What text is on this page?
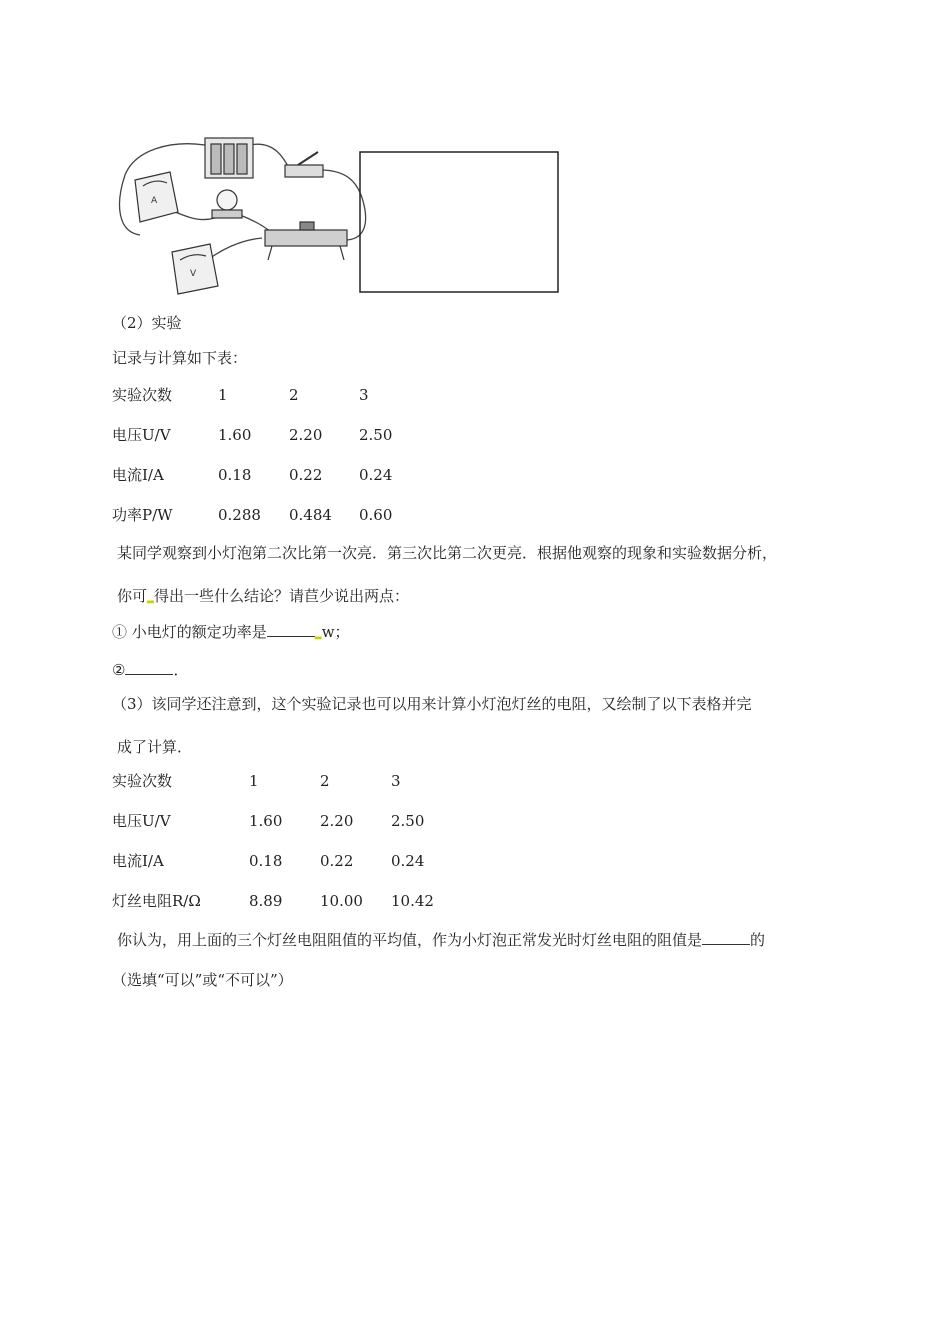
A
V
（2）实验
记录与计算如下表：
实验次数	1	2	3
电压U/V	1.60	2.20 2.50
电流I/A	0.18	0.22 0.24
功率P/W	0.288 0.484 0.60
某同学观察到小灯泡第二次比第一次亮．第三次比第二次更亮．根据他观察的现象和实验数据分析，
你可▂得出一些什么结论？请苣少说出两点：
① 小电灯的额定功率是	▂w；
②	．
（3）该同学还注意到，这个实验记录也可以用来计算小灯泡灯丝的电阻，又绘制了以下表格并完
成了计算．
实验次数	1	2	3
电压U/V	1.60	2.20	2.50
电流I/A	0.18	0.22	0.24
灯丝电阻R/Ω	8.89	10.00 10.42
你认为，用上面的三个灯丝电阻阻值的平均值，作为小灯泡正常发光时灯丝电阻的阻值是	的
（选填“可以”或“不可以”）
